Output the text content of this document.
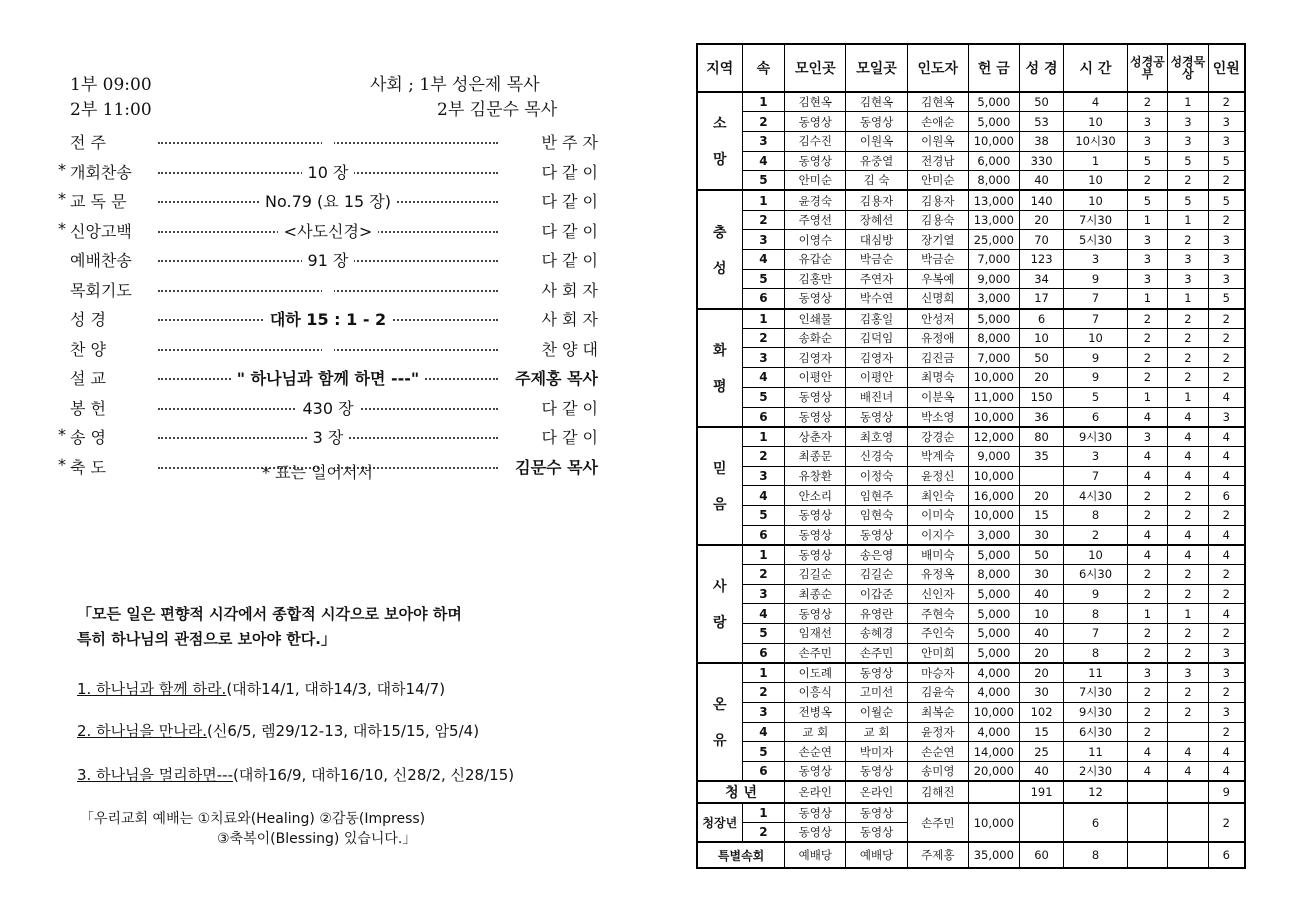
1부 09:00
2부 11:00
사회 ; 1부 성은제 목사
2부 김문수 목사
전 주	반 주 자
* 개회찬송	10 장	다 같 이
* 교 독 문	No.79 (요 15 장)	다 같 이
* 신앙고백	<사도신경>	다 같 이
예배찬송	91 장	다 같 이
목회기도	사 회 자
성 경	대하 15 : 1 - 2	사 회 자
찬 양	찬 양 대
설 교	" 하나님과 함께 하면 ---"	주제홍 목사
봉 헌	430 장	다 같 이
* 송 영	3 장	다 같 이
* 축 도	김문수 목사
* 표는 일어서서
「모든 일은 편향적 시각에서 종합적 시각으로 보아야 하며
특히 하나님의 관점으로 보아야 한다.」
1. 하나님과 함께 하라.(대하14/1, 대하14/3, 대하14/7)
2. 하나님을 만나라.(신6/5, 렘29/12-13, 대하15/15, 암5/4)
3. 하나님을 멀리하면---(대하16/9, 대하16/10, 신28/2, 신28/15)
「우리교회 예배는 ①치료와(Healing) ②감동(Impress)
③축복이(Blessing) 있습니다.」
지역	속	모인곳	모일곳	인도자	헌 금	성 경	시 간	성경공부	성경묵상	인원
소

망	1	김현옥	김현옥	김현옥	5,000	50	4	2	1	2
	2	동영상	동영상	손애순	5,000	53	10	3	3	3
	3	김수진	이원옥	이원옥	10,000	38	10시30	3	3	3
	4	동영상	유중열	전경남	6,000	330	1	5	5	5
	5	안미순	김 숙	안미순	8,000	40	10	2	2	2
충

성	1	윤경숙	김용자	김용자	13,000	140	10	5	5	5
	2	주영선	장혜선	김용숙	13,000	20	7시30	1	1	2
	3	이영수	대심방	장기열	25,000	70	5시30	3	2	3
	4	유갑순	박금순	박금순	7,000	123	3	3	3	3
	5	김홍만	주연자	우복예	9,000	34	9	3	3	3
	6	동영상	박수연	신명희	3,000	17	7	1	1	5
화

평	1	인쇄물	김홍일	안성저	5,000	6	7	2	2	2
	2	송화순	김덕임	유정애	8,000	10	10	2	2	2
	3	김영자	김영자	김진금	7,000	50	9	2	2	2
	4	이평안	이평안	최명숙	10,000	20	9	2	2	2
	5	동영상	배진녀	이분옥	11,000	150	5	1	1	4
	6	동영상	동영상	박소영	10,000	36	6	4	4	3
믿

음	1	상춘자	최호영	강경순	12,000	80	9시30	3	4	4
	2	최종문	신경숙	박계숙	9,000	35	3	4	4	4
	3	유창환	이정숙	윤정신	10,000		7	4	4	4
	4	안소리	임현주	최인숙	16,000	20	4시30	2	2	6
	5	동영상	임현숙	이미숙	10,000	15	8	2	2	2
	6	동영상	동영상	이지수	3,000	30	2	4	4	4
사

랑	1	동영상	송은영	배미숙	5,000	50	10	4	4	4
	2	김길순	김길순	유정옥	8,000	30	6시30	2	2	2
	3	최종순	이갑준	신인자	5,000	40	9	2	2	2
	4	동영상	유영란	주현숙	5,000	10	8	1	1	4
	5	임재선	송혜경	주인숙	5,000	40	7	2	2	2
	6	손주민	손주민	안미희	5,000	20	8	2	2	3
온

유	1	이도례	동영상	마승자	4,000	20	11	3	3	3
	2	이흥식	고미선	김윤숙	4,000	30	7시30	2	2	2
	3	전병옥	이월순	최복순	10,000	102	9시30	2	2	3
	4	교 회	교 회	윤정자	4,000	15	6시30	2		2
	5	손순연	박미자	손순연	14,000	25	11	4	4	4
	6	동영상	동영상	송미영	20,000	40	2시30	4	4	4
청 년		온라인	온라인	김해진		191	12			9
청장년	1	동영상	동영상	손주민	10,000		6			2
	2	동영상	동영상							
특별속회		예배당	예배당	주제홍	35,000	60	8			6
